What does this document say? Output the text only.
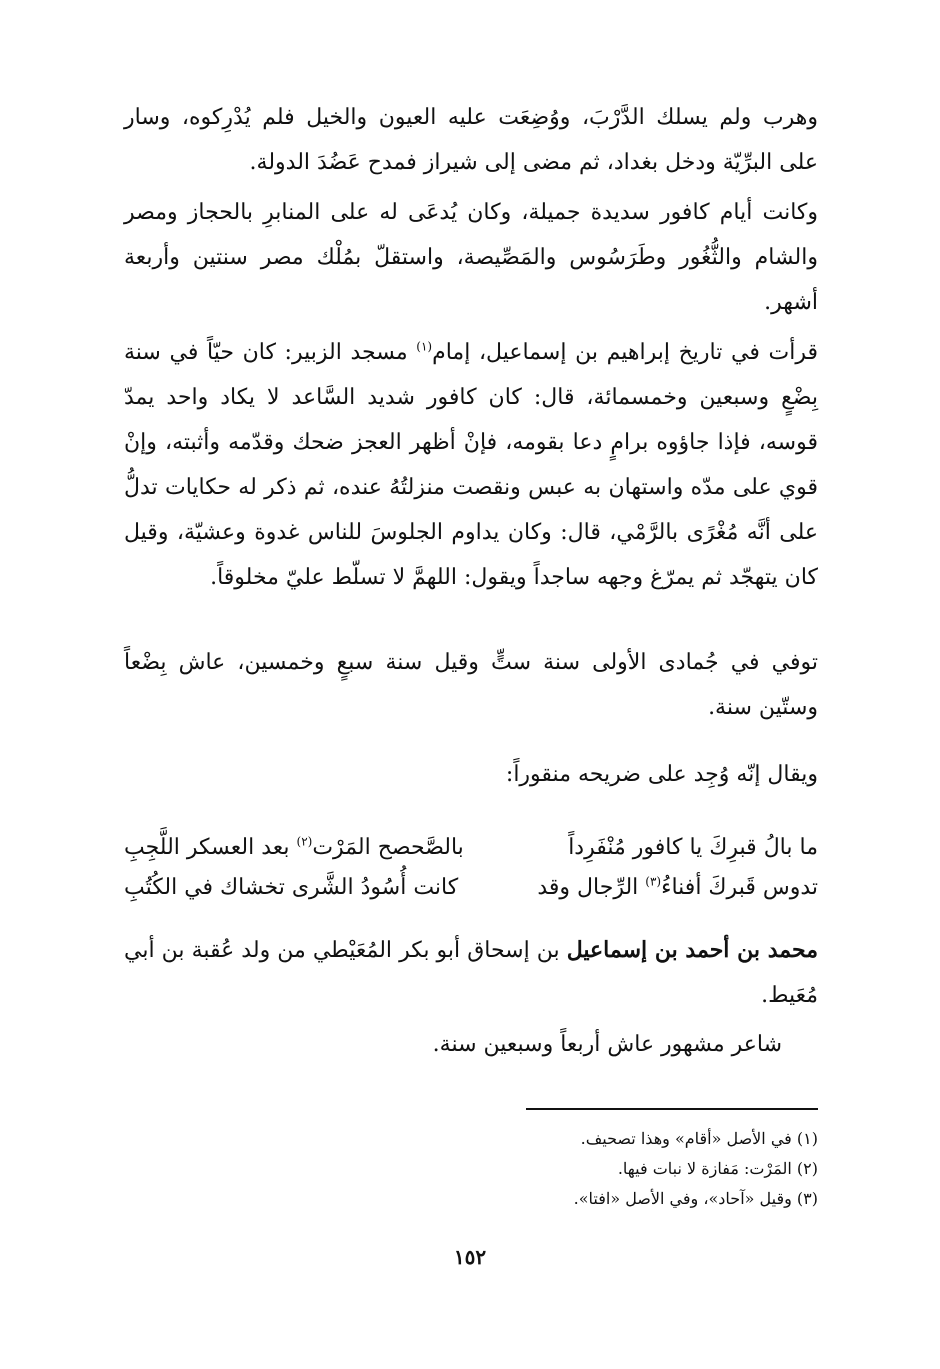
وهرب ولم يسلك الدَّرْبَ، ووُضِعَت عليه العيون والخيل فلم يُدْرِكوه، وسار على البرِّيّة ودخل بغداد، ثم مضى إلى شيراز فمدح عَضُدَ الدولة.

وكانت أيام كافور سديدة جميلة، وكان يُدعَى له على المنابرِ بالحجاز ومصر والشام والثُّغُور وطَرَسُوس والمَصِّيصة، واستقلّ بمُلْك مصر سنتين وأربعة أشهر.

قرأت في تاريخ إبراهيم بن إسماعيل، إمام$^{(١)}$ مسجد الزبير: كان حيّاً في سنة بِضْعٍ وسبعين وخمسمائة، قال: كان كافور شديد السَّاعد لا يكاد واحد يمدّ قوسه، فإذا جاؤوه برامٍ دعا بقومه، فإنْ أظهر العجز ضحك وقدّمه وأثبته، وإنْ قوي على مدّه واستهان به عبس ونقصت منزلتُهُ عنده، ثم ذكر له حكايات تدلُّ على أنَّه مُغْرًى بالرَّمْي، قال: وكان يداوم الجلوسَ للناس غدوة وعشيّة، وقيل كان يتهجّد ثم يمرّغ وجهه ساجداً ويقول: اللهمَّ لا تسلّط عليّ مخلوقاً.

توفي في جُمادى الأولى سنة ستٍّ وقيل سنة سبعٍ وخمسين، عاش بِضْعاً وستّين سنة.

ويقال إنّه وُجِد على ضريحه منقوراً:

ما بالُ قبرِكَ يا كافور مُنْفَرِداً
بالصَّحصح المَرْت$^{(٢)}$ بعد العسكر اللَّجِبِ
تدوس قَبركَ أفناءُ$^{(٣)}$ الرِّجال وقد
كانت أُسُودُ الشَّرى تخشاك في الكُتُبِ

محمد بن أحمد بن إسماعيل بن إسحاق أبو بكر المُعَيْطي من ولد عُقبة بن أبي مُعَيط.

شاعر مشهور عاش أربعاً وسبعين سنة.

(١) في الأصل «أقام» وهذا تصحيف.

(٢) المَرْت: مَفازة لا نبات فيها.

(٣) وقيل «آحاد»، وفي الأصل «افتا».

١٥٢
